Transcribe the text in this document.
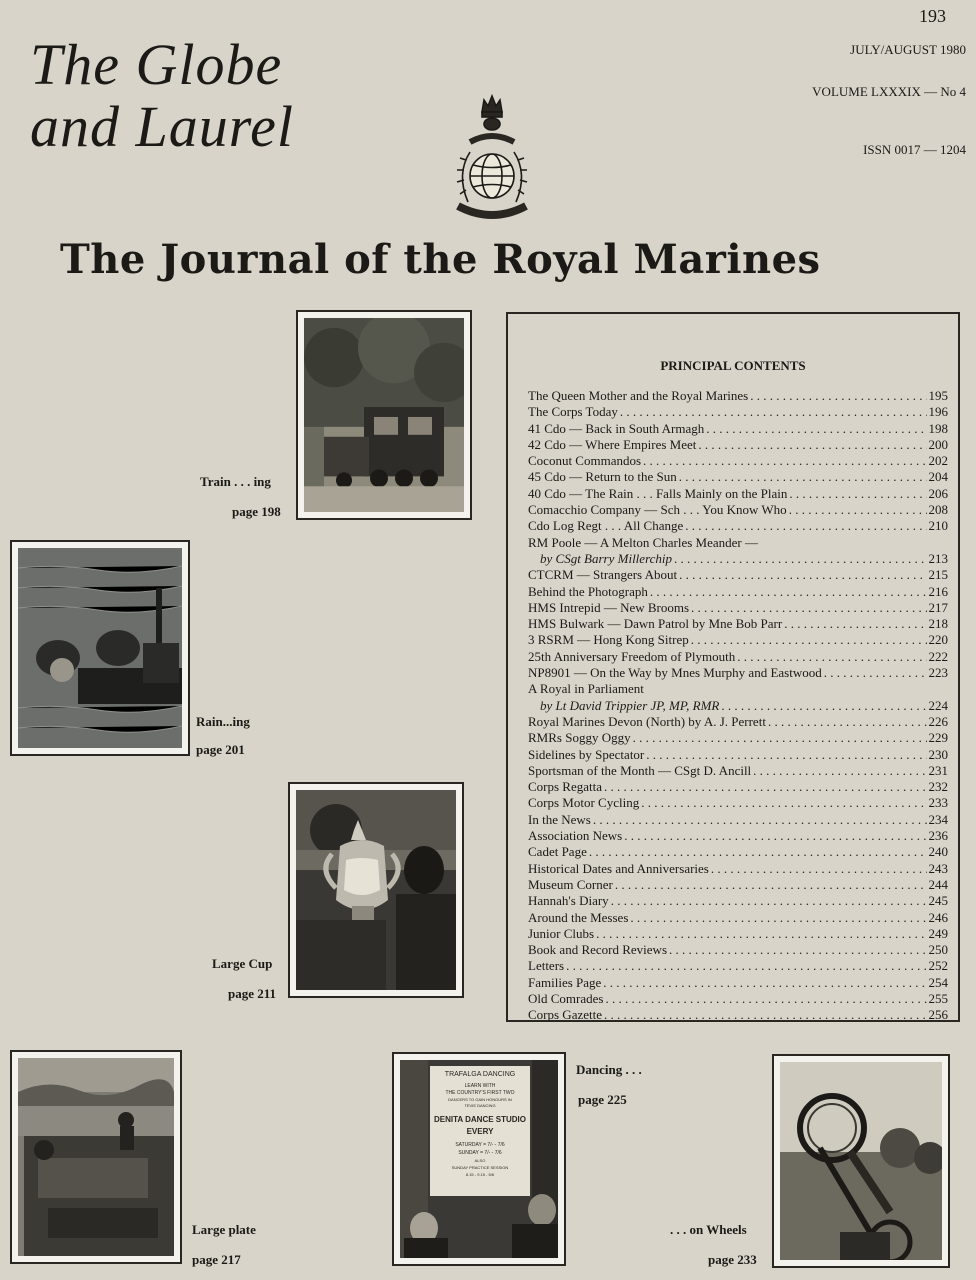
193
JULY/AUGUST 1980
VOLUME LXXXIX — No 4
ISSN 0017 — 1204
The Globe
and Laurel
The Journal of the Royal Marines
Train . . . ing
page 198
Rain...ing
page 201
Large Cup
page 211
Large plate
page 217
TRAFALGA DANCING
LEARN WITH
THE COUNTRY'S FIRST TWO
DANCERS TO GAIN HONOURS IN
TEVIE DANCING
DENITA DANCE STUDIO
EVERY
SATURDAY = 7/- - 7/6
SUNDAY = 7/- - 7/6
ALSO
SUNDAY PRACTICE SESSION
8.15 - 9.15 - 5/6
Dancing . . .
page 225
. . . on Wheels
page 233
PRINCIPAL CONTENTS
The Queen Mother and the Royal Marines . . .	195
The Corps Today . . .	196
41 Cdo — Back in South Armagh . . .	198
42 Cdo — Where Empires Meet . . .	200
Coconut Commandos . . .	202
45 Cdo — Return to the Sun . . .	204
40 Cdo — The Rain . . . Falls Mainly on the Plain . . .	206
Comacchio Company — Sch . . . You Know Who . . .	208
Cdo Log Regt . . . All Change . . .	210
RM Poole — A Melton Charles Meander —
by CSgt Barry Millerchip . . .	213
CTCRM — Strangers About . . .	215
Behind the Photograph . . .	216
HMS Intrepid — New Brooms . . .	217
HMS Bulwark — Dawn Patrol by Mne Bob Parr . . .	218
3 RSRM — Hong Kong Sitrep . . .	220
25th Anniversary Freedom of Plymouth . . .	222
NP8901 — On the Way by Mnes Murphy and Eastwood . . .	223
A Royal in Parliament
by Lt David Trippier JP, MP, RMR . . .	224
Royal Marines Devon (North) by A. J. Perrett . . .	226
RMRs Soggy Oggy . . .	229
Sidelines by Spectator . . .	230
Sportsman of the Month — CSgt D. Ancill . . .	231
Corps Regatta . . .	232
Corps Motor Cycling . . .	233
In the News . . .	234
Association News . . .	236
Cadet Page . . .	240
Historical Dates and Anniversaries . . .	243
Museum Corner . . .	244
Hannah's Diary . . .	245
Around the Messes . . .	246
Junior Clubs . . .	249
Book and Record Reviews . . .	250
Letters . . .	252
Families Page . . .	254
Old Comrades . . .	255
Corps Gazette . . .	256
